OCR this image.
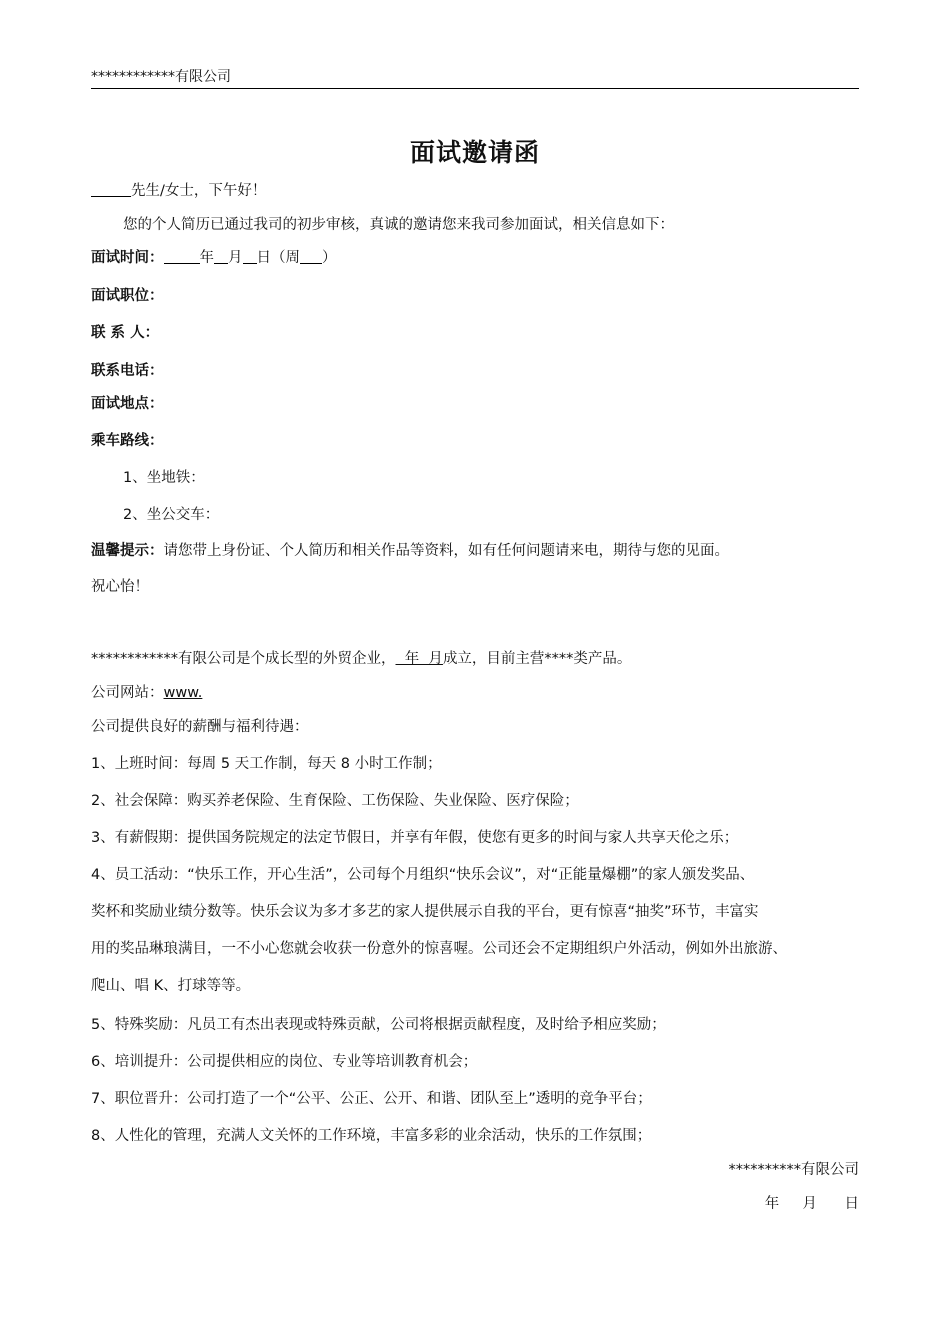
************有限公司
面试邀请函
先生/女士，下午好！
您的个人简历已通过我司的初步审核，真诚的邀请您来我司参加面试，相关信息如下：
面试时间： 年 月 日（周 ）
面试职位：
联 系 人：
联系电话：
面试地点：
乘车路线：
1、坐地铁：
2、坐公交车：
温馨提示：请您带上身份证、个人简历和相关作品等资料，如有任何问题请来电，期待与您的见面。
祝心怡！
************有限公司是个成长型的外贸企业，  年  月成立，目前主营****类产品。
公司网站：www.
公司提供良好的薪酬与福利待遇：
1、上班时间：每周 5 天工作制，每天 8 小时工作制；
2、社会保障：购买养老保险、生育保险、工伤保险、失业保险、医疗保险；
3、有薪假期：提供国务院规定的法定节假日，并享有年假，使您有更多的时间与家人共享天伦之乐；
4、员工活动：“快乐工作，开心生活”，公司每个月组织“快乐会议”，对“正能量爆棚”的家人颁发奖品、
奖杯和奖励业绩分数等。快乐会议为多才多艺的家人提供展示自我的平台，更有惊喜“抽奖”环节，丰富实
用的奖品琳琅满目，一不小心您就会收获一份意外的惊喜喔。公司还会不定期组织户外活动，例如外出旅游、
爬山、唱 K、打球等等。
5、特殊奖励：凡员工有杰出表现或特殊贡献，公司将根据贡献程度，及时给予相应奖励；
6、培训提升：公司提供相应的岗位、专业等培训教育机会；
7、职位晋升：公司打造了一个“公平、公正、公开、和谐、团队至上”透明的竞争平台；
8、人性化的管理，充满人文关怀的工作环境，丰富多彩的业余活动，快乐的工作氛围；
**********有限公司
年     月      日
